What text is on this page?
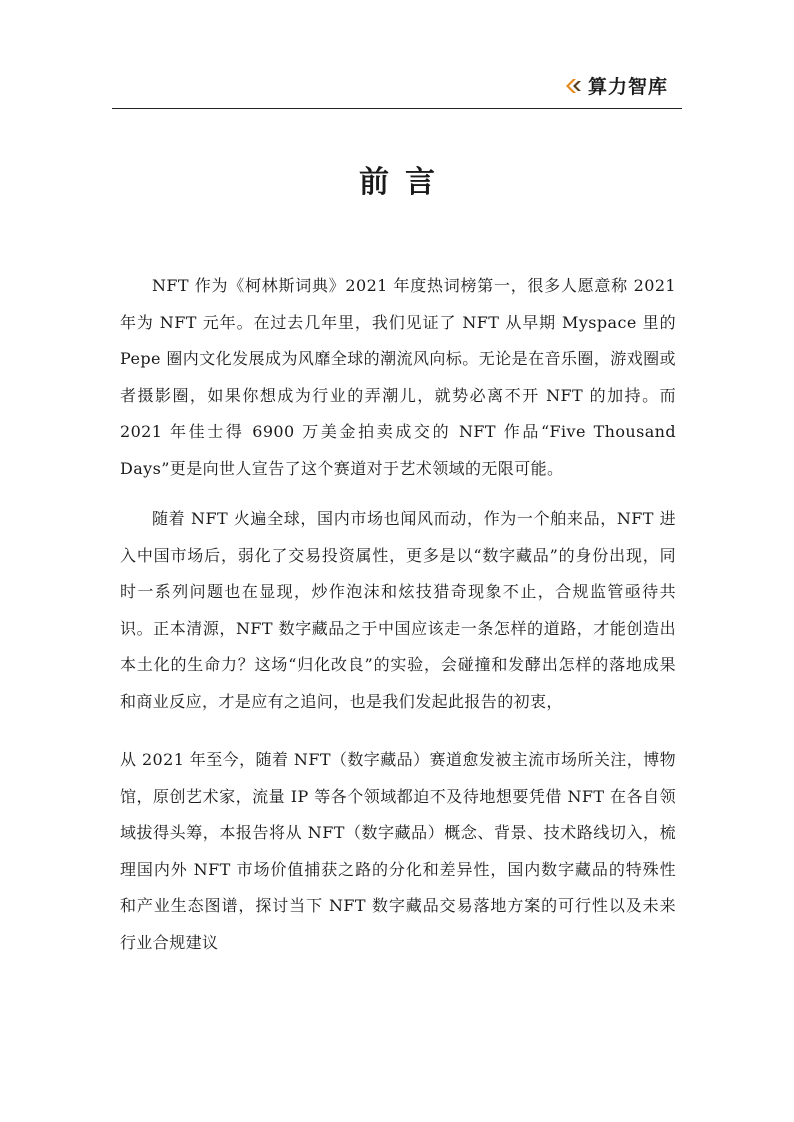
算力智库
前言

NFT 作为《柯林斯词典》2021 年度热词榜第一，很多人愿意称 2021 年为 NFT 元年。在过去几年里，我们见证了 NFT 从早期 Myspace 里的 Pepe 圈内文化发展成为风靡全球的潮流风向标。无论是在音乐圈，游戏圈或者摄影圈，如果你想成为行业的弄潮儿，就势必离不开 NFT 的加持。而 2021 年佳士得 6900 万美金拍卖成交的 NFT 作品“Five Thousand Days”更是向世人宣告了这个赛道对于艺术领域的无限可能。

随着 NFT 火遍全球，国内市场也闻风而动，作为一个舶来品，NFT 进入中国市场后，弱化了交易投资属性，更多是以“数字藏品”的身份出现，同时一系列问题也在显现，炒作泡沫和炫技猎奇现象不止，合规监管亟待共识。正本清源，NFT 数字藏品之于中国应该走一条怎样的道路，才能创造出本土化的生命力？这场“归化改良”的实验，会碰撞和发酵出怎样的落地成果和商业反应，才是应有之追问，也是我们发起此报告的初衷，

从 2021 年至今，随着 NFT（数字藏品）赛道愈发被主流市场所关注，博物馆，原创艺术家，流量 IP 等各个领域都迫不及待地想要凭借 NFT 在各自领域拔得头筹，本报告将从 NFT（数字藏品）概念、背景、技术路线切入，梳理国内外 NFT 市场价值捕获之路的分化和差异性，国内数字藏品的特殊性和产业生态图谱，探讨当下 NFT 数字藏品交易落地方案的可行性以及未来行业合规建议
